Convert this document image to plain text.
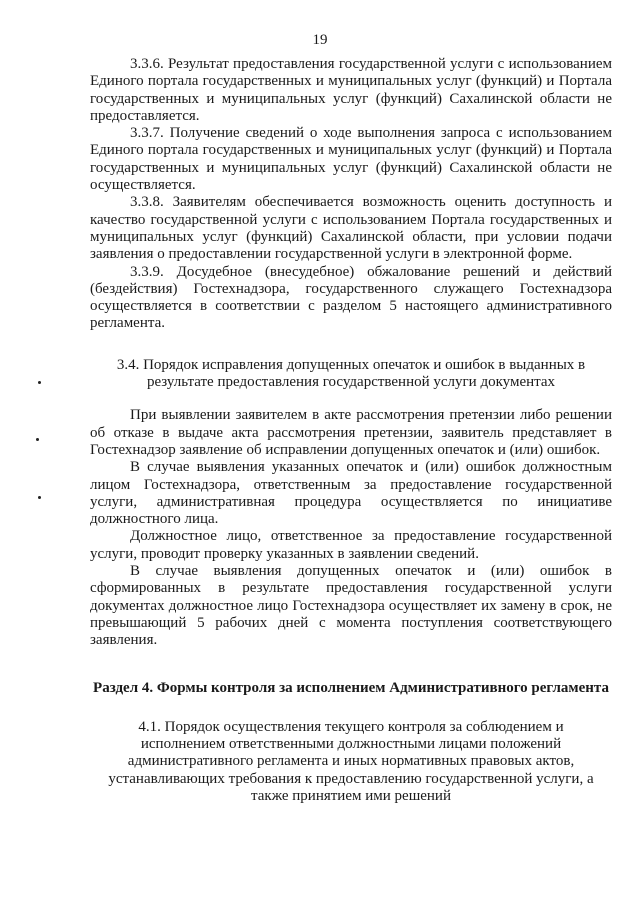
19

3.3.6. Результат предоставления государственной услуги с использованием Единого портала государственных и муниципальных услуг (функций) и Портала государственных и муниципальных услуг (функций) Сахалинской области не предоставляется.

3.3.7. Получение сведений о ходе выполнения запроса с использованием Единого портала государственных и муниципальных услуг (функций) и Портала государственных и муниципальных услуг (функций) Сахалинской области не осуществляется.

3.3.8. Заявителям обеспечивается возможность оценить доступность и качество государственной услуги с использованием Портала государственных и муниципальных услуг (функций) Сахалинской области, при условии подачи заявления о предоставлении государственной услуги в электронной форме.

3.3.9. Досудебное (внесудебное) обжалование решений и действий (бездействия) Гостехнадзора, государственного служащего Гостехнадзора осуществляется в соответствии с разделом 5 настоящего административного регламента.

3.4. Порядок исправления допущенных опечаток и ошибок в выданных в результате предоставления государственной услуги документах

При выявлении заявителем в акте рассмотрения претензии либо решении об отказе в выдаче акта рассмотрения претензии, заявитель представляет в Гостехнадзор заявление об исправлении допущенных опечаток и (или) ошибок.

В случае выявления указанных опечаток и (или) ошибок должностным лицом Гостехнадзора, ответственным за предоставление государственной услуги, административная процедура осуществляется по инициативе должностного лица.

Должностное лицо, ответственное за предоставление государственной услуги, проводит проверку указанных в заявлении сведений.

В случае выявления допущенных опечаток и (или) ошибок в сформированных в результате предоставления государственной услуги документах должностное лицо Гостехнадзора осуществляет их замену в срок, не превышающий 5 рабочих дней с момента поступления соответствующего заявления.

Раздел 4. Формы контроля за исполнением Административного регламента

4.1. Порядок осуществления текущего контроля за соблюдением и исполнением ответственными должностными лицами положений административного регламента и иных нормативных правовых актов, устанавливающих требования к предоставлению государственной услуги, а также принятием ими решений
